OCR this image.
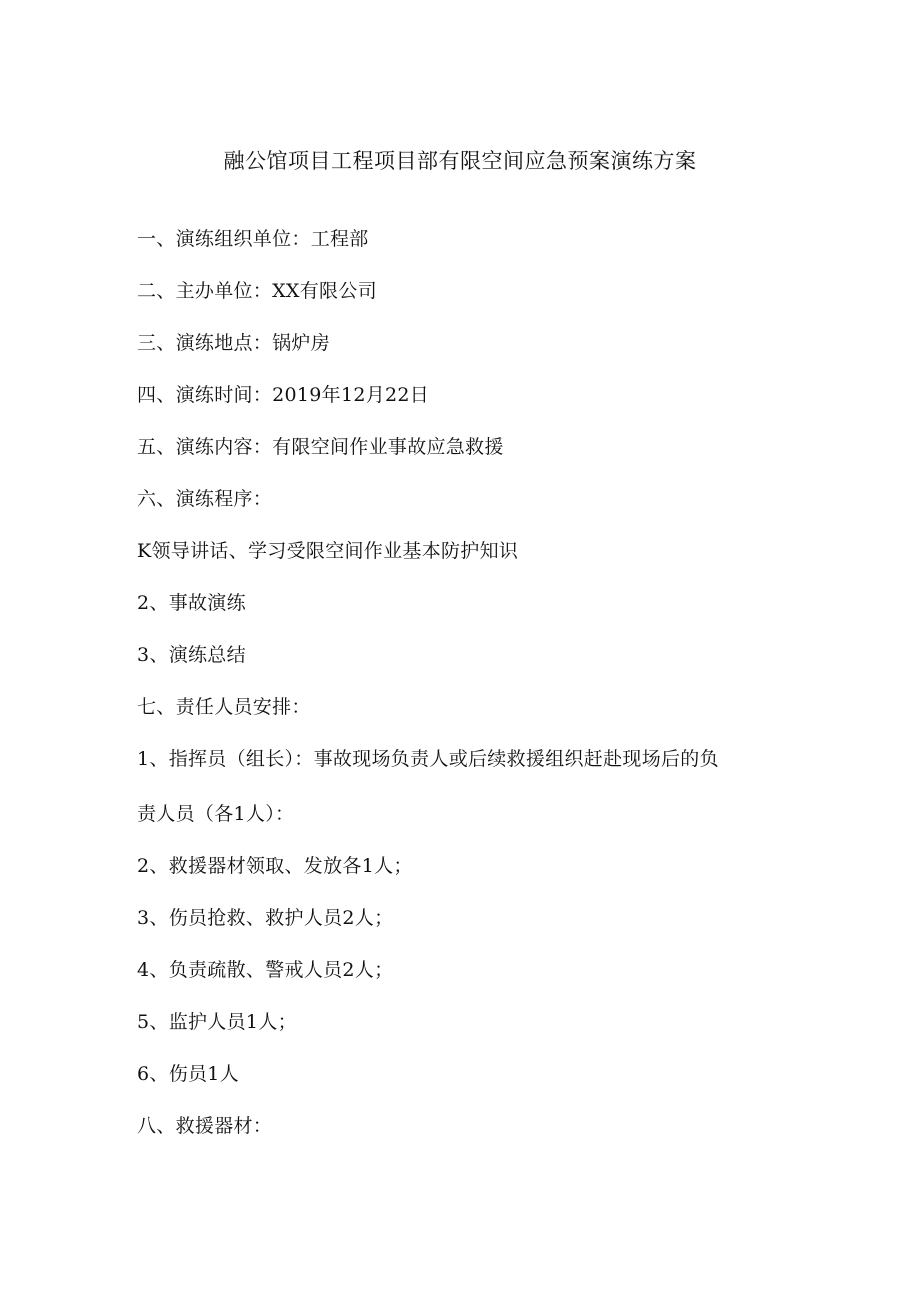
融公馆项目工程项目部有限空间应急预案演练方案
一、演练组织单位：工程部
二、主办单位：XX有限公司
三、演练地点：锅炉房
四、演练时间：2019年12月22日
五、演练内容：有限空间作业事故应急救援
六、演练程序：
K领导讲话、学习受限空间作业基本防护知识
2、事故演练
3、演练总结
七、责任人员安排：
1、指挥员（组长）：事故现场负责人或后续救援组织赶赴现场后的负
责人员（各1人）：
2、救援器材领取、发放各1人；
3、伤员抢救、救护人员2人；
4、负责疏散、警戒人员2人；
5、监护人员1人；
6、伤员1人
八、救援器材：
